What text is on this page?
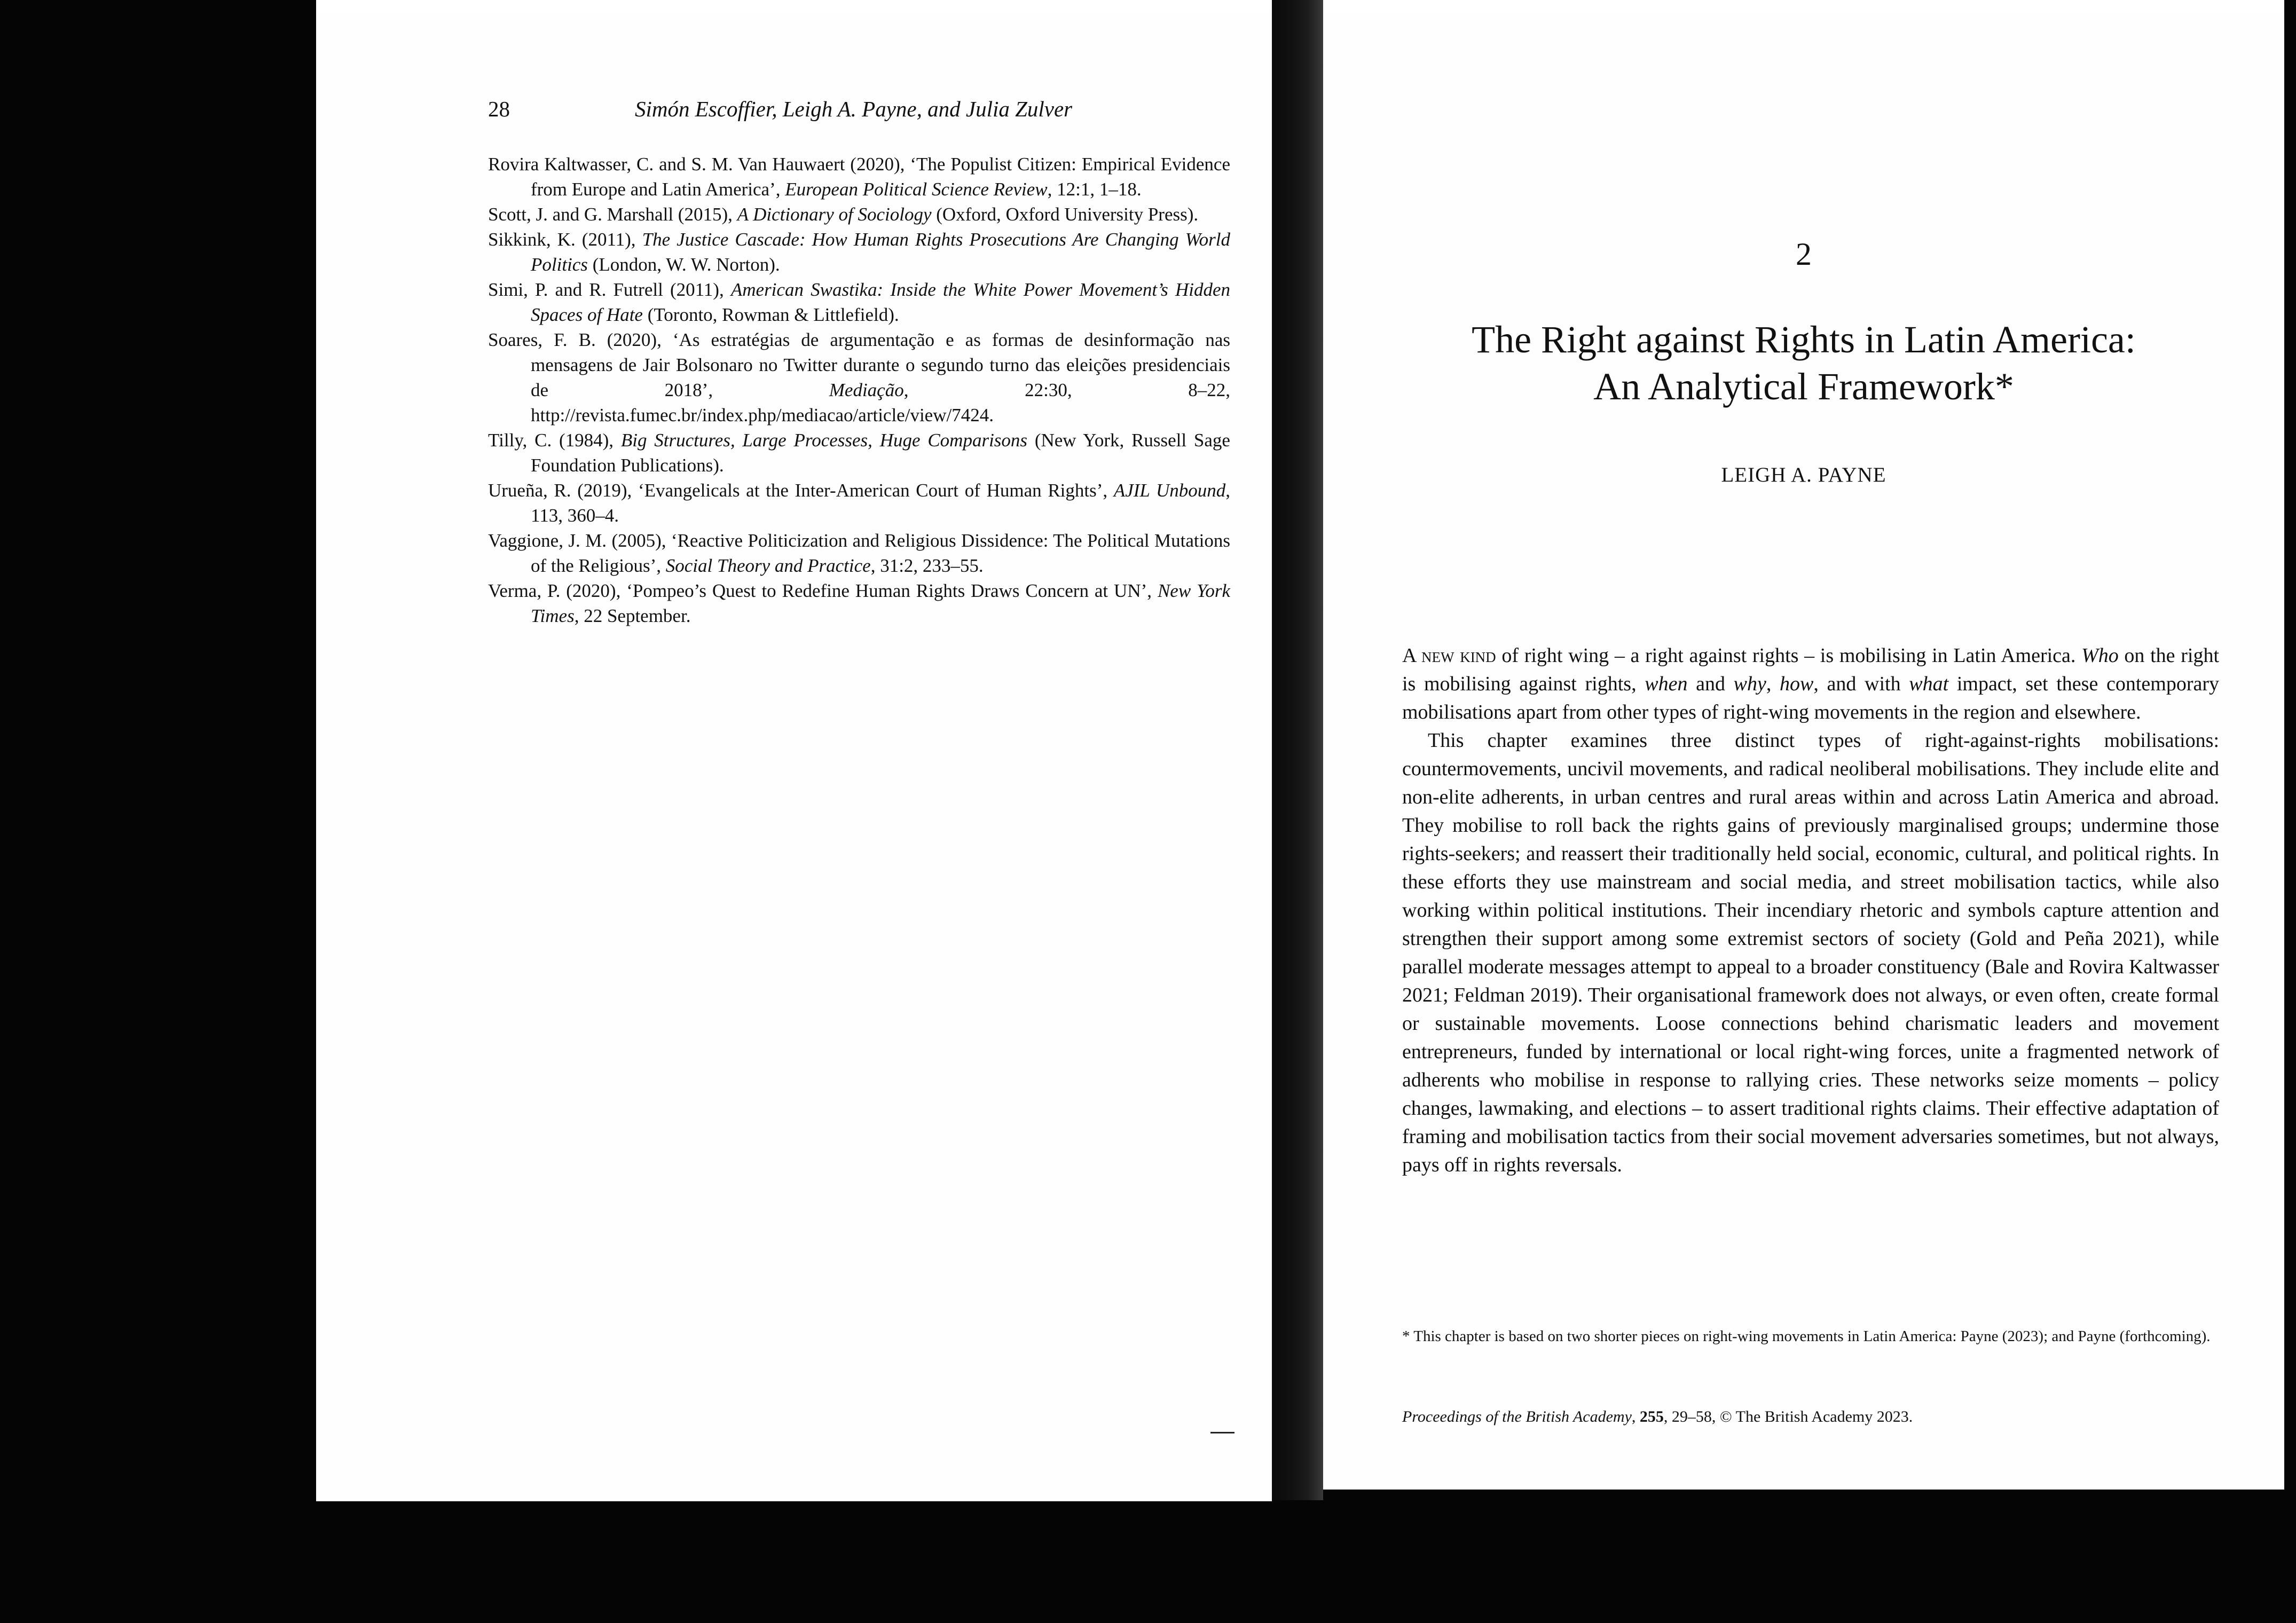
28	Simón Escoffier, Leigh A. Payne, and Julia Zulver

Rovira Kaltwasser, C. and S. M. Van Hauwaert (2020), ‘The Populist Citizen: Empirical Evidence from Europe and Latin America’, European Political Science Review, 12:1, 1–18.

Scott, J. and G. Marshall (2015), A Dictionary of Sociology (Oxford, Oxford University Press).

Sikkink, K. (2011), The Justice Cascade: How Human Rights Prosecutions Are Changing World Politics (London, W. W. Norton).

Simi, P. and R. Futrell (2011), American Swastika: Inside the White Power Movement’s Hidden Spaces of Hate (Toronto, Rowman & Littlefield).

Soares, F. B. (2020), ‘As estratégias de argumentação e as formas de desinformação nas mensagens de Jair Bolsonaro no Twitter durante o segundo turno das eleições presidenciais de 2018’, Mediação, 22:30, 8–22, http://revista.fumec.br/index.php/mediacao/article/view/7424.

Tilly, C. (1984), Big Structures, Large Processes, Huge Comparisons (New York, Russell Sage Foundation Publications).

Urueña, R. (2019), ‘Evangelicals at the Inter-American Court of Human Rights’, AJIL Unbound, 113, 360–4.

Vaggione, J. M. (2005), ‘Reactive Politicization and Religious Dissidence: The Political Mutations of the Religious’, Social Theory and Practice, 31:2, 233–55.

Verma, P. (2020), ‘Pompeo’s Quest to Redefine Human Rights Draws Concern at UN’, New York Times, 22 September.

2
The Right against Rights in Latin America:
An Analytical Framework*
LEIGH A. PAYNE

A new kind of right wing – a right against rights – is mobilising in Latin America. Who on the right is mobilising against rights, when and why, how, and with what impact, set these contemporary mobilisations apart from other types of right-wing movements in the region and elsewhere.

This chapter examines three distinct types of right-against-rights mobilisations: countermovements, uncivil movements, and radical neoliberal mobilisations. They include elite and non-elite adherents, in urban centres and rural areas within and across Latin America and abroad. They mobilise to roll back the rights gains of previously marginalised groups; undermine those rights-seekers; and reassert their traditionally held social, economic, cultural, and political rights. In these efforts they use mainstream and social media, and street mobilisation tactics, while also working within political institutions. Their incendiary rhetoric and symbols capture attention and strengthen their support among some extremist sectors of society (Gold and Peña 2021), while parallel moderate messages attempt to appeal to a broader constituency (Bale and Rovira Kaltwasser 2021; Feldman 2019). Their organisational framework does not always, or even often, create formal or sustainable movements. Loose connections behind charismatic leaders and movement entrepreneurs, funded by international or local right-wing forces, unite a fragmented network of adherents who mobilise in response to rallying cries. These networks seize moments – policy changes, lawmaking, and elections – to assert traditional rights claims. Their effective adaptation of framing and mobilisation tactics from their social movement adversaries sometimes, but not always, pays off in rights reversals.

* This chapter is based on two shorter pieces on right-wing movements in Latin America: Payne (2023); and Payne (forthcoming).

Proceedings of the British Academy, 255, 29–58, © The British Academy 2023.
